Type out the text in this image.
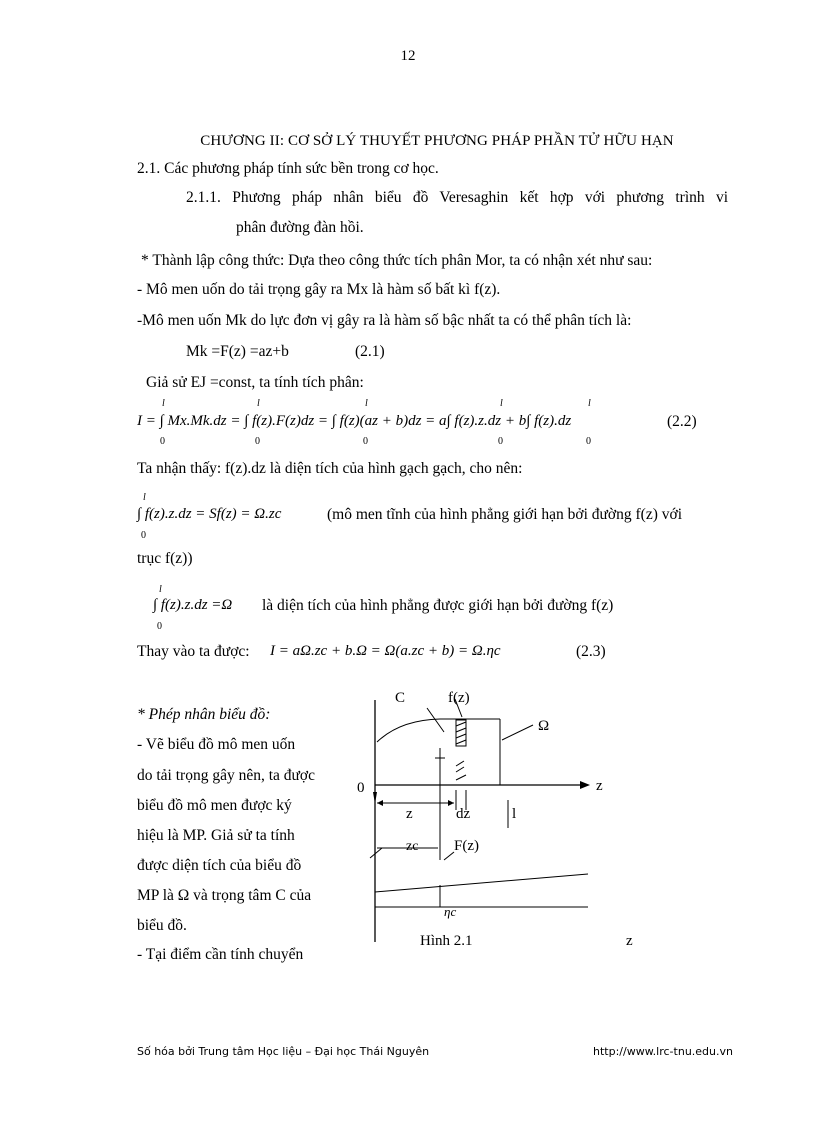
12
CHƯƠNG II: CƠ SỞ LÝ THUYẾT PHƯƠNG PHÁP PHẦN TỬ HỮU HẠN
2.1. Các phương pháp tính sức bền trong cơ học.
2.1.1. Phương pháp nhân biểu đồ Veresaghin kết hợp với phương trình vi
phân đường đàn hồi.
* Thành lập công thức: Dựa theo công thức tích phân Mor, ta có nhận xét như sau:
- Mô men uốn do tải trọng gây ra Mx là hàm số bất kì f(z).
-Mô men uốn Mk do lực đơn vị gây ra là hàm số bậc nhất ta có thể phân tích là:
Mk =F(z) =az+b	(2.1)
Giả sử EJ =const, ta tính tích phân:
l
0
l
0
l
0
l
0
l
0
I = ∫ Mx.Mk.dz = ∫ f(z).F(z)dz = ∫ f(z)(az + b)dz = a∫ f(z).z.dz + b∫ f(z).dz	(2.2)
Ta nhận thấy: f(z).dz là diện tích của hình gạch gạch, cho nên:
l
0
∫ f(z).z.dz = Sf(z) = Ω.zc	(mô men tĩnh của hình phẳng giới hạn bởi đường f(z) với
trục f(z))
l
0
∫ f(z).z.dz =Ω là diện tích của hình phẳng được giới hạn bởi đường f(z)
Thay vào ta được: I = aΩ.zc + b.Ω = Ω(a.zc + b) = Ω.ηc	(2.3)
* Phép nhân biểu đồ:
- Vẽ biểu đồ mô men uốn
do tải trọng gây nên, ta được
biểu đồ mô men được ký
hiệu là MP. Giả sử ta tính
được diện tích của biểu đồ
MP là Ω và trọng tâm C của
biểu đồ.
- Tại điểm cần tính chuyển
C	f(z)
Ω
0	z
z	dz	l
zc F(z)
ηc
Hình 2.1	z
Số hóa bởi Trung tâm Học liệu – Đại học Thái Nguyên	http://www.lrc-tnu.edu.vn
